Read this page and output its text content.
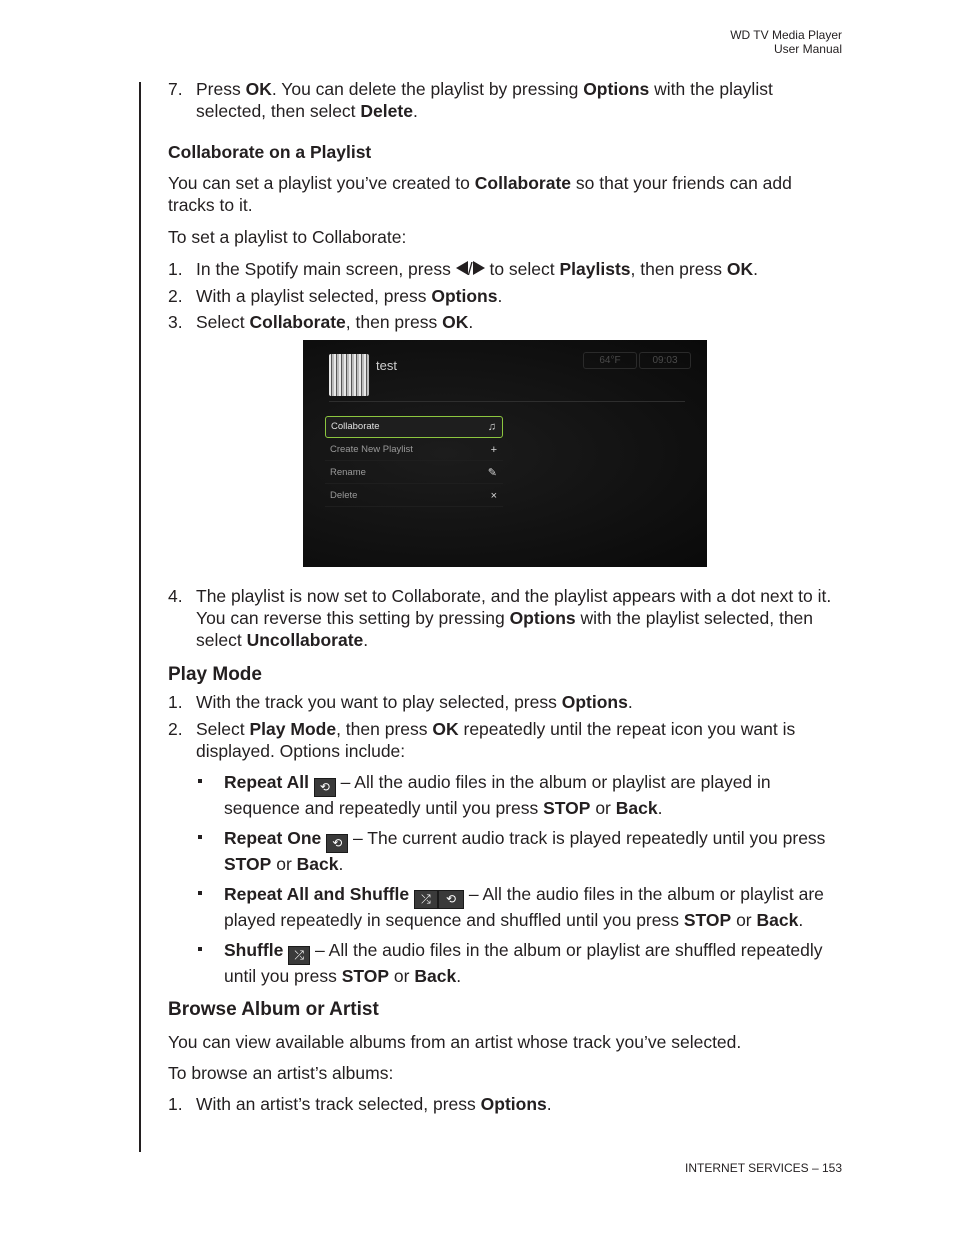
WD TV Media Player
User Manual

7. Press OK. You can delete the playlist by pressing Options with the playlist selected, then select Delete.

Collaborate on a Playlist

You can set a playlist you’ve created to Collaborate so that your friends can add tracks to it.

To set a playlist to Collaborate:

1. In the Spotify main screen, press / to select Playlists, then press OK.

2. With a playlist selected, press Options.

3. Select Collaborate, then press OK.

4. The playlist is now set to Collaborate, and the playlist appears with a dot next to it. You can reverse this setting by pressing Options with the playlist selected, then select Uncollaborate.

Play Mode

1. With the track you want to play selected, press Options.

2. Select Play Mode, then press OK repeatedly until the repeat icon you want is displayed. Options include:

Repeat All ⟲ – All the audio files in the album or playlist are played in sequence and repeatedly until you press STOP or Back.

Repeat One ⟲ – The current audio track is played repeatedly until you press STOP or Back.

Repeat All and Shuffle ⤮ ⟲ – All the audio files in the album or playlist are played repeatedly in sequence and shuffled until you press STOP or Back.

Shuffle ⤮ – All the audio files in the album or playlist are shuffled repeatedly until you press STOP or Back.

Browse Album or Artist

You can view available albums from an artist whose track you’ve selected.

To browse an artist’s albums:

1. With an artist’s track selected, press Options.

test	64°F	09:03
Collaborate	♫
Create New Playlist	+
Rename	✎
Delete	×
INTERNET SERVICES – 153
